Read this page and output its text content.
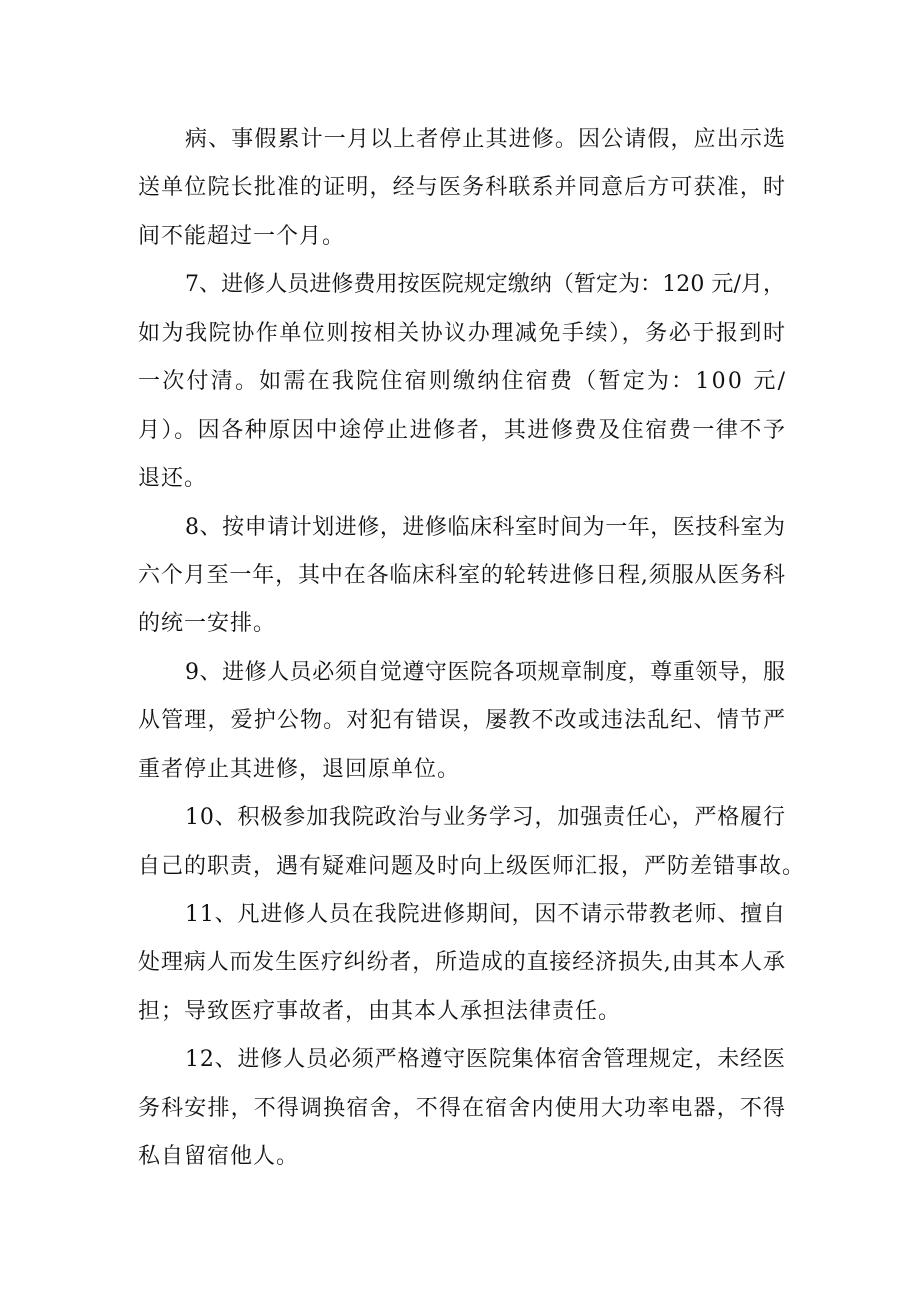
病、事假累计一月以上者停止其进修。因公请假，应出示选
送单位院长批准的证明，经与医务科联系并同意后方可获准，时
间不能超过一个月。
7、进修人员进修费用按医院规定缴纳（暂定为：120 元/月，
如为我院协作单位则按相关协议办理减免手续），务必于报到时
一次付清。如需在我院住宿则缴纳住宿费（暂定为：100 元/
月）。因各种原因中途停止进修者，其进修费及住宿费一律不予
退还。
8、按申请计划进修，进修临床科室时间为一年，医技科室为
六个月至一年，其中在各临床科室的轮转进修日程,须服从医务科
的统一安排。
9、进修人员必须自觉遵守医院各项规章制度，尊重领导，服
从管理，爱护公物。对犯有错误，屡教不改或违法乱纪、情节严
重者停止其进修，退回原单位。
10、积极参加我院政治与业务学习，加强责任心，严格履行
自己的职责，遇有疑难问题及时向上级医师汇报，严防差错事故。
11、凡进修人员在我院进修期间，因不请示带教老师、擅自
处理病人而发生医疗纠纷者，所造成的直接经济损失,由其本人承
担；导致医疗事故者，由其本人承担法律责任。
12、进修人员必须严格遵守医院集体宿舍管理规定，未经医
务科安排，不得调换宿舍，不得在宿舍内使用大功率电器，不得
私自留宿他人。
